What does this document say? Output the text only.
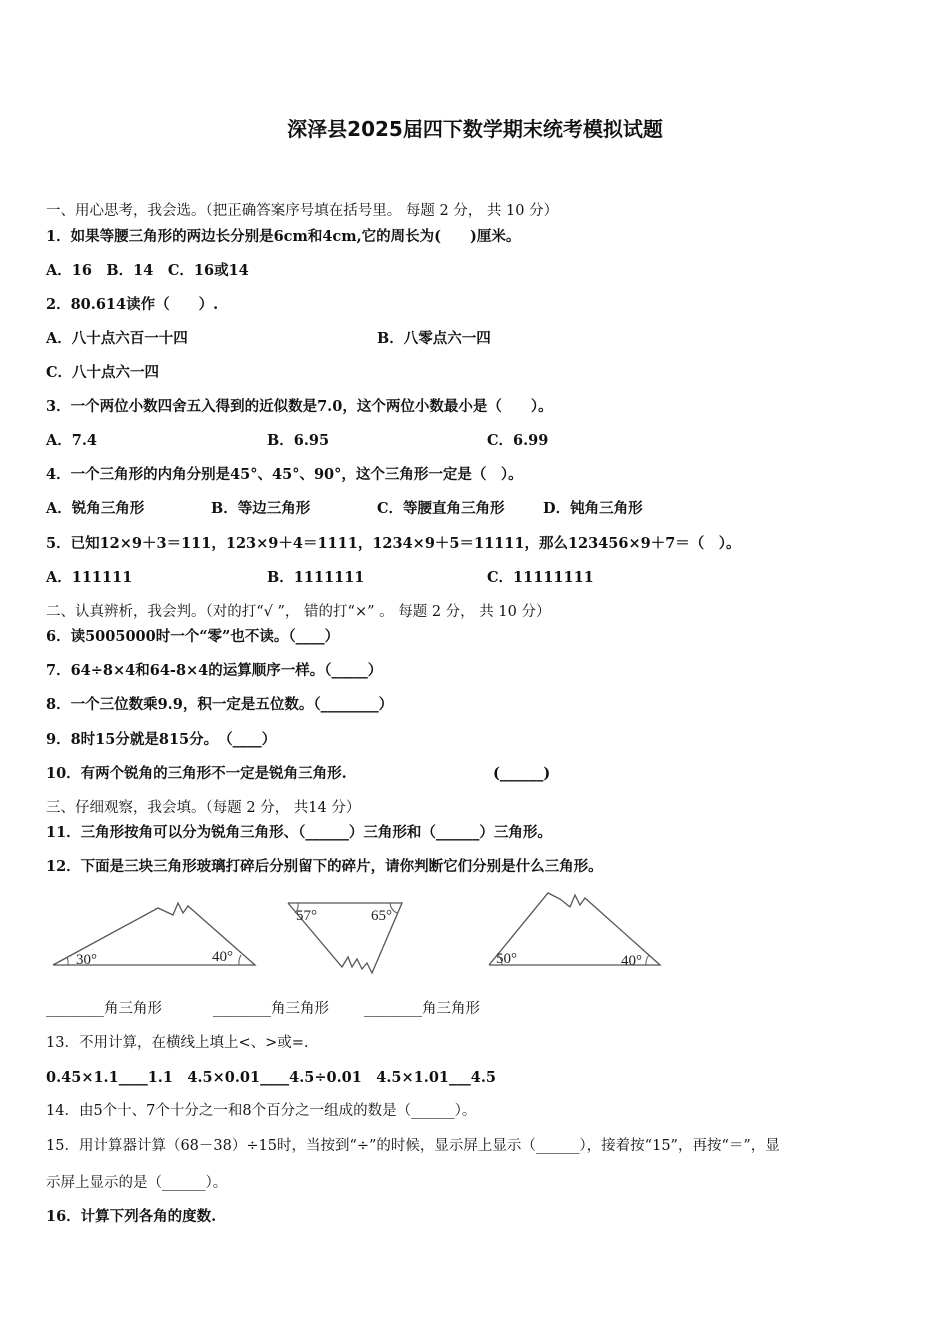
深泽县2025届四下数学期末统考模拟试题
一、用心思考，我会选。（把正确答案序号填在括号里。 每题 2 分， 共 10 分）
1．如果等腰三角形的两边长分别是6cm和4cm,它的周长为(　　)厘米。
A．16　B．14　C．16或14
2．80.614读作（　　）.
A．八十点六百一十四	B．八零点六一四
C．八十点六一四
3．一个两位小数四舍五入得到的近似数是7.0，这个两位小数最小是（　　）。
A．7.4	B．6.95	C．6.99
4．一个三角形的内角分别是45°、45°、90°，这个三角形一定是（　）。
A．锐角三角形	B．等边三角形	C．等腰直角三角形	D．钝角三角形
5．已知12×9＋3＝111，123×9＋4＝1111，1234×9＋5＝11111，那么123456×9＋7＝（　）。
A．111111	B．1111111	C．11111111
二、认真辨析，我会判。（对的打“√ ”， 错的打“×” 。 每题 2 分， 共 10 分）
6．读5005000时一个“零”也不读。（____）
7．64÷8×4和64-8×4的运算顺序一样。（_____）
8．一个三位数乘9.9，积一定是五位数。（________）
9．8时15分就是815分。　（____）
10．有两个锐角的三角形不一定是锐角三角形.	(______)
三、仔细观察，我会填。（每题 2 分， 共14 分）
11．三角形按角可以分为锐角三角形、（______）三角形和（______）三角形。
12．下面是三块三角形玻璃打碎后分别留下的碎片，请你判断它们分别是什么三角形。
30°	40°
57°	65°
50°	40°
________角三角形	________角三角形 ________角三角形
13．不用计算，在横线上填上<、>或=.
0.45×1.1____1.1　4.5×0.01____4.5÷0.01　4.5×1.01___4.5
14．由5个十、7个十分之一和8个百分之一组成的数是（______）。
15．用计算器计算（68－38）÷15时，当按到“÷”的时候，显示屏上显示（______），接着按“15”，再按“＝”，显
示屏上显示的是（______）。
16．计算下列各角的度数.
